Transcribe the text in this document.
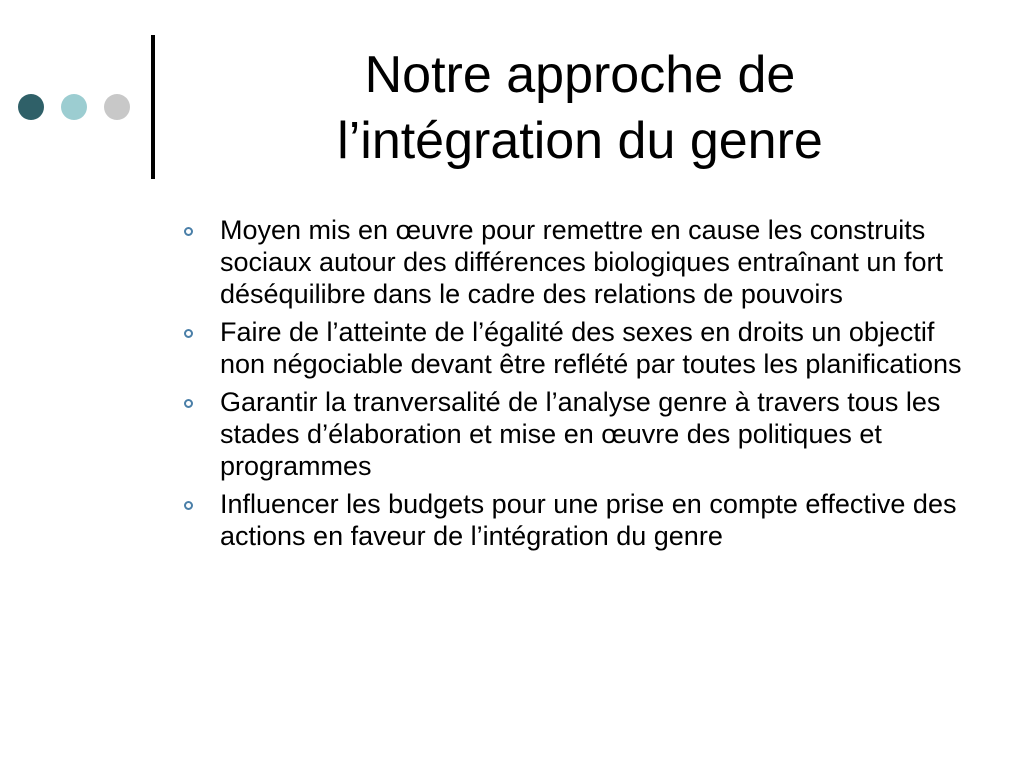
Notre approche de
l’intégration du genre
Moyen mis en œuvre pour remettre en cause les construits sociaux autour des différences biologiques entraînant un fort déséquilibre dans le cadre des relations de pouvoirs
Faire de l’atteinte de l’égalité des sexes en droits un objectif non négociable devant être reflété par toutes les planifications
Garantir la tranversalité de l’analyse genre à travers tous les stades d’élaboration et mise en œuvre des politiques et programmes
Influencer les budgets pour une prise en compte effective des actions en faveur de l’intégration du genre
